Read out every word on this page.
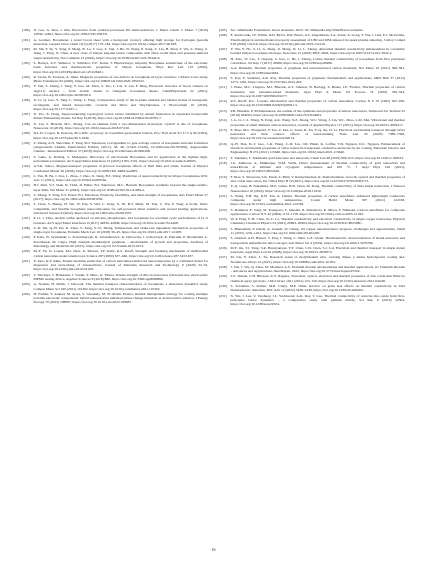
[180]	X. Gao, G. Rios, J. Zhu, Electronics from solution-processed 2D semiconductors, J. Mater. Chem. C Mater. 7 (2019) 12830–12841, https://doi.org/10.1039/C9TC03933J.
[181]	A. Gardner, Borophene: a novel boron sheet with a hexagonal vacancy offering high storage for hydrogen (paradis dissertion, Gaspari Tesor Chem 11(5) (2017) 179–184. https://doi.org/10.1016/j.compte.2017.06.018.
[182]	M. Shi, F. Ye, Y. Yang, P. Meng, B. Le, T. Gao, Z. Sun, J. He, W. Wang, P. Jiang, Z. Liu, H. Shen, T. Wu, Z. Wang, Z. Jiang, J. Yang, X. Chen, A new class of bilayer kagome lattice compounds with Dirac nodal lines and pressure-induced superconductivity, Nat Commun 13 (2022), https://doi.org/10.1038/s41467-022-30442-0.
[183]	S. Backys, A.V. Shmatov, S. Schibkov, E.E. Kalus, T. Bhattacharya, Impurity Borophene sensitivities of the electronic band structure and thermoelectric properties of bilayer borophene, Phys Rev Lett 125 (2020), https://doi.org/10.1103/PhysRevLett.125.026401.
[184]	R. Taoka, B. Taonyea, A. Jihua, Magnetic properties of one defects on borophene tri-layer structure: a Monte Carlo study, Phase Transitions 93 (2020), https://doi.org/10.1080/01411594.2020.1852322.
[185]	Y. Sun, S. Zhang, J. Yang, Y. Gao, M. Zhou, S. Yao, L. Liu, Y. Liu, F. Ding, Electronic structure of boron clusters on Ag(111) surface – from atomic chains to triangular borophene sheets, ChemPhysChem 22 (2021), https://doi.org/10.1002/cphc.202001019.
[186]	X. Li, Q. Gao, Y. Tang, L. Wang, L. Fang, Comparative study of the in-plane uniaxial and biaxial strains of hexagonal, rectangular, and mixed honeycomb, covalent and Dirac and Weyl/hexanes, J. Electrochem 10 (2019), https://doi.org/10.1177/2167-1
[187]	X. Yao, X. Dong, Superconducting topological vortex lattice stabilized by mixed frustration in expanded honeycomb Kitaev-Heisenberg model, Sci Rep 8 (2018), https://doi.org/10.1038/s41598-018-29705-7.
[188]	X. Liu, S. Hersam, M.C. Zhang, Can an element form a two-dimensional monolayer crystal? A tale of borophene, Nanoscale 10 (2018), https://doi.org/10.1016/j.nanoen.2018.07.010.
[189]	D.L.D. Cooper, R. Pearson, Pico-DSC accessory in crystalline quasi-metal lattices, Proc Natl Acad Sci U S A 90 (1993), https://doi.org/10.1073/pnas.90.5.1849.
[190]	Z. Zhang, A.N. Shevchuk, Y. Yang, M.I. Yakobson, Corrigendum to: gate-voltage control of borophene structure formation (Angewandte Chemie International Edition, (2017), 56, 48, (15421-15426), 10.1002/anie.201705659), Angewandte Chemie - International Edition 57 (2018), https://doi.org/10.1002/anie.201800168.
[191]	S. Guha, A. Kabiraj, S. Mahapatra, Discovery of electroweak Borophene and its application as the lightest high-performance transistor, ACS Appl Mater Interfaces 15 (2023) 3183–3191, https://doi.org/10.1021/acsami.2c20005.
[192]	A.V.K. Sahoo, Magnetotransport properties of β-boron borophene affects of Hall field and strain, Journal of Physics Condensed Matter 30 (2018), https://doi.org/10.1088/1361-648X/aae883.
[193]	L. Yan, H. Ba, J. Zou, L. Zhou, J. Zhao, X. Jiang, B.T. Wang, Prediction of superconductivity in bilayer borophenes, RSC Adv 11 (2021), https://doi.org/10.1039/d1ra05059e.
[194]	H.J. Kim, V.T. Veeh, R. Thiel, D. Bittar, B.I. Yakobson, M.C. Hersam, Borophene synthesis beyond the single-atomic-layer limit, Nat Mater 21 (2022), https://doi.org/10.1038/s41563-021-01084-2.
[195]	Z. Zhang, Y. Yang, E.S. Penev, B.I. Yakobson, Elasticity, flexibility, and ideal strength of borophenes, Adv Funct Mater 27 (2017), https://doi.org/10.1002/adfm.201605059.
[196]	S. Chen, S. Huang, H. Wu, W. Pan, S. Wei, C. Peng, X. Ni, B.T. Murti, M. Tsai, C. Wu, P. Yang, A facile, fabric compatible, and flexible borophene nanocomposites for self-powered smart assistive and wound healing applications, Advanced Science 9 (2022), https://doi.org/10.1002/advs.202201507.
[197]	P. Li, J. Zhao, Atomic sulfur anchored on silicene, phosphorene, and borophene for excellent cycle performance of Li–S batteries, ACS Appl Mater Interfaces 9 (2017) 42836–42849, https://doi.org/10.1021/acsami.7b14468.
[198]	Z.-D. Shi, Q.-H. Pei, K. Zhou, S. Zeng, Y.-W. Zhang, Temperature and strain-rate dependent mechanical properties of single-layer borophene, Extreme Mech Lett 19 (2018) 39–45, https://doi.org/10.1016/j.eml.2017.12.008.
[199]	P. Kula, W. Szymański, L. Kołodziejczyk, R. Atraszkiewicz, K. Dybowski, J. Grabarczyk, R. Pietrasik, P. Niedzielski, Ł. Kaczmarek, M. Cłapa, High strength metallurgical graphene – mechanisms of growth and properties, Archives of Metallurgy and Materials 60 (2015), https://doi.org/10.1515/amm-2015-0273.
[200]	M.-F. Yu, O. Lourie, M.J. Dyer, K. Moloni, T.F. Kelly, R.S. Ruoff, Strength and breaking mechanism of multiwalled carbon nanotubes under tensile load, Science 287 (2000) 637–640, https://doi.org/10.1126/science.287.5453.637.
[201]	Y. Zare, K.Y. Rhee, Tensile modulus prediction of carbon nanotubes-reinforced nanocomposites by a combined model for dispersion and networking of nanoparticles, Journal of Materials Research and Technology 9 (2020) 22–32, https://doi.org/10.1016/j.jmrt.2019.03.005.
[202]	T. Tsuchiya, T. Hamasaki, J. Sasaki, Y. Mino, O. Tabata, Tensile strength of silicon nanowires fabricated into electrostatic MEMS testing device, Applied Sciences 8 (2018) 880, https://doi.org/10.3390/app8060880.
[203]	A. Noman, H. Malik, J. Davoodi, The thermal transport characterization of borophene: a molecular dynamics study, Comput Mater Sci 190 (2021) 110302, https://doi.org/10.1016/j.commatsci.2021.110302.
[204]	H. Fatima, Y. Arshad, M. Arora, S. Ghoshaly, M. El-Alami, Passive thermal management strategy for cooling multiple portable electronic components: hybrid nanoparticles enhanced phase change materials as an innovative solution, J Energy Storage 70 (2023) 108087, https://doi.org/10.1016/j.est.2023.108087.
[205]	Sec. Wikimedia Foundation, boron Avenside, 2023. /In /Wikipedia.Org/Wiki/Boron.swmsitie.
[206]	E. Karbowiak, J.F. Wilms, D.D. Bylov, D.R. Bruce, A.T. Ziegelmann, T.A. Saloh, X. Gong, T. Yue, J. Lim, E.J. McClellan, Thermophysical and mechanical property assessment of UB2 and UB4 sintered via spark plasma sintering, J Alloy Compd 618 (2020) 152116, https://doi.org/10.1016/j.jallcom.2019.152116.
[207]	Y. Yin, Y. Ho, S. Li, G. Deng, X. Meng, D. Li, L. Zhong, Abnormal thermal conductivity enhancement in covalently bonded bilayer borophene allotrope, Nano Res 15 (2022) 3818–3824, https://doi.org/10.1007/s12274-021-3922-y.
[208]	H. Xiao, W. Cao, T. Ouyang, S. Guo, C. He, J. Zhong, Lattice thermal conductivity of borophene from first principles calculation, Sci Rep 7 (2017) 45986, https://doi.org/10.1038/srep45986.
[209]	A.A. Balandin, Thermal properties of graphene and nanostructured carbon materials, Nat Mater 10 (2011) 569–581, https://doi.org/10.1038/nmat3064.
[210]	S. Pop, Y. Varshney, A.K. Roy, Thermal properties of graphene: fundamentals and applications, MRS Bull 37 (2012) 1273–1281, https://doi.org/10.1557/mrs.2012.203.
[211]	J. Hone, M.C. Llaguno, M.J. Biercuk, A.T. Johnson, B. Batlogg, Z. Benes, J.E. Fischer, Thermal properties of carbon nanotubes and nanotube-based materials, Appl Phys A Mater Sci Process 74 (2002) 339–343, https://doi.org/10.1007/s003390201277.
[212]	R.S. Ruoff, D.C. Lorents, Mechanical and thermal properties of carbon nanotubes, Carbon N Y 33 (1995) 925–930, https://doi.org/10.1016/0008-6223(95)00021-5.
[213]	P.R. Bandaru, P. Pichanusakorn, An outline of the synthesis and properties of silicon nanowires, Semicond Sci Technol 25 (2010) 024003, https://doi.org/10.1088/0268-1242/25/2/024003.
[214]	J.-G. Li, C.L. Wang, N. Peng, A.K. Wang, X.Z. Zhang, W.C. Wang, J. Lin, W.L. Zhao, L.M. Mei, Vibrational and thermal properties of small diameter silicon nanowires, Journal of Applied Physics 117 (2015), https://doi.org/10.1063/1.4906117.
[215]	F. Zhao, M.L. Fitzgerald, Y. Tao, Z. Pan, G. Sauti, D. Xu, Y.-Q. Xu, D. Li, Electrical and thermal transport through silver nanowires and their contact: effects of nanotwinning, Nano Lett 20 (2020) 7389–7396, https://doi.org/10.1021/acs.nanolett.0c02014.
[216]	Q.-H. Tian, D.-T. Guo, J.-K. Wang, Z.-D. Liu, J.M. Pham, K. Loffler, T.D. Nguyen, D.C. Nguyen, Enhancement of electrical and thermal properties of silver nanowire transparent conductive electrode by Au coating, Materials Science and Engineering: B 274 (2021) 115640, https://doi.org/10.1016/j.mseb.2021.115640.
[217]	T. Takahara, T. Takahashi, gold nanowire and nanorods, Chem Lett 48 (2019) 996–915, https://doi.org/10.1246/cl.190333.
[218]	J.G. Ambrose, A. Mukherjee, W.M. Wells, Direct measurement of thermal conductivity of gold nanowires and nanoribbons at ambient and cryogenic temperatures and 100 °C, J Appl Phys 126 (2021), https://doi.org/10.1063/5.0054549.
[219]	F. Riaz, S. Shrawani, S.K. Fateh, Z. Bilal, V. Ramachandran, R. Ramachandran, Growth, optical and thermal properties of zinc oxide nano wires, Int J Mod Phys B 19 (2021), https://doi.org/10.1142/S0217979220502713.
[220]	Y.-Q. Gong, B. Nakamura, M.E. Geller, H.D. Chen, M. Kang, Thermal conductivity of ZnO single nanowires, J Nanosci Nanotechnol 16 (2016), https://doi.org/10.1166/jnn.2016.11950.
[221]	S. Wang, Y.H. Ng, K.H. Tan, A. Daniel, Thermal properties of carbon nanofibers enhanced lightweight conductive composite under high temperature, Constr Build Mater 307 (2021) 124748, https://doi.org/10.1016/j.conbuildmat.2021.124748.
[222]	S. Hammad, E. Sang, M. Tonegawa, T. Sekoshi, R. Matsubara, K. Miwa, F. Nishioka, Carbon nanofibers for composite applications, Carbon N Y 42 (2004) 1153–1158, https://doi.org/10.1016/j.carbon.2003.12.043.
[223]	W. P. Feng, F.-H. Chen, W.-C. Le, Thermal conductivity and electrical conductivity of single copper nanowires, Physical Chemistry Chemical Physics 23 (2021) 20893–20904, https://doi.org/10.1039/D1CP02598C.
[224]	S. Bhanushali, P. Ghosh, A. Ganesh, W. Cheng, 1D copper nanostructures: progress, challenges and opportunities, Small 11 (2015) 1232–1252, https://doi.org/10.1002/smll.201402295.
[225]	S. Ghaderi, A.H. Hassan, S. Etaq, I. Wang, L. Shire, G.E. Glenn, Thermoelectric characterization of nickel-nanowire and nanoparticle embedded in silica aerogel, Adv Mater Sci 4 (2019), https://doi.org/10.1063/1.5079769.
[226]	M.Y. Ou, T.J. Yang, S.R. Harutyunyan, Y.Y. Chen, C.D. Chen, S.J. Lai, Electrical and thermal transport in single nickel nanowire, Appl Phys Lett 92 (2008), https://doi.org/10.1063/1.2839572.
[227]	M. Liu, Y. Zhou, L. Su, Research status of molybdenum wire, toolsing dinase p Jenise hyde.Special coating and, Nonferrous Alloys 41 (2021), https://doi.org/10.19898/j.cnki.2021.10.001.
[228]	J. Yan, J. Wu, Q. Zhou, M. Morshed, A.S. Titanium dioxide advancements and thermal applications, in: Titanium Dioxide – Advances and Applications, IntechOpen, 2022, https://doi.org/10.5772/intechopen.97202.
[229]	S.S. Shinde, C.H. Bhosale, K.Y. Rajpure, Structural, optical, electrical and thermal properties of zinc oxide thin films by chemical spray pyrolysis, J Mol Struct 1021 (2012) 123–129, https://doi.org/10.1016/j.molstruc.2012.04.048.
[230]	S. Solaiman, S. Kumar, M.R. Udayi, M.F. Omar, Review on grain size effects on thermal conductivity in ZnO thermoelectric materials, RSC Adv 12 (2022) 5428–5438, https://doi.org/10.1039/d1ra08292c.
[231]	X. Wu, J. Lee, V. Varshney, J.L. Wohlwend, A.K. Roy, T. Luo, Thermal conductivity of wurtzite zinc-oxide from first-principles lattice dynamics – a comparative study with gallium nitride, Sci Rep 6 (2016) 22504, https://doi.org/10.1038/srep22504.
16
